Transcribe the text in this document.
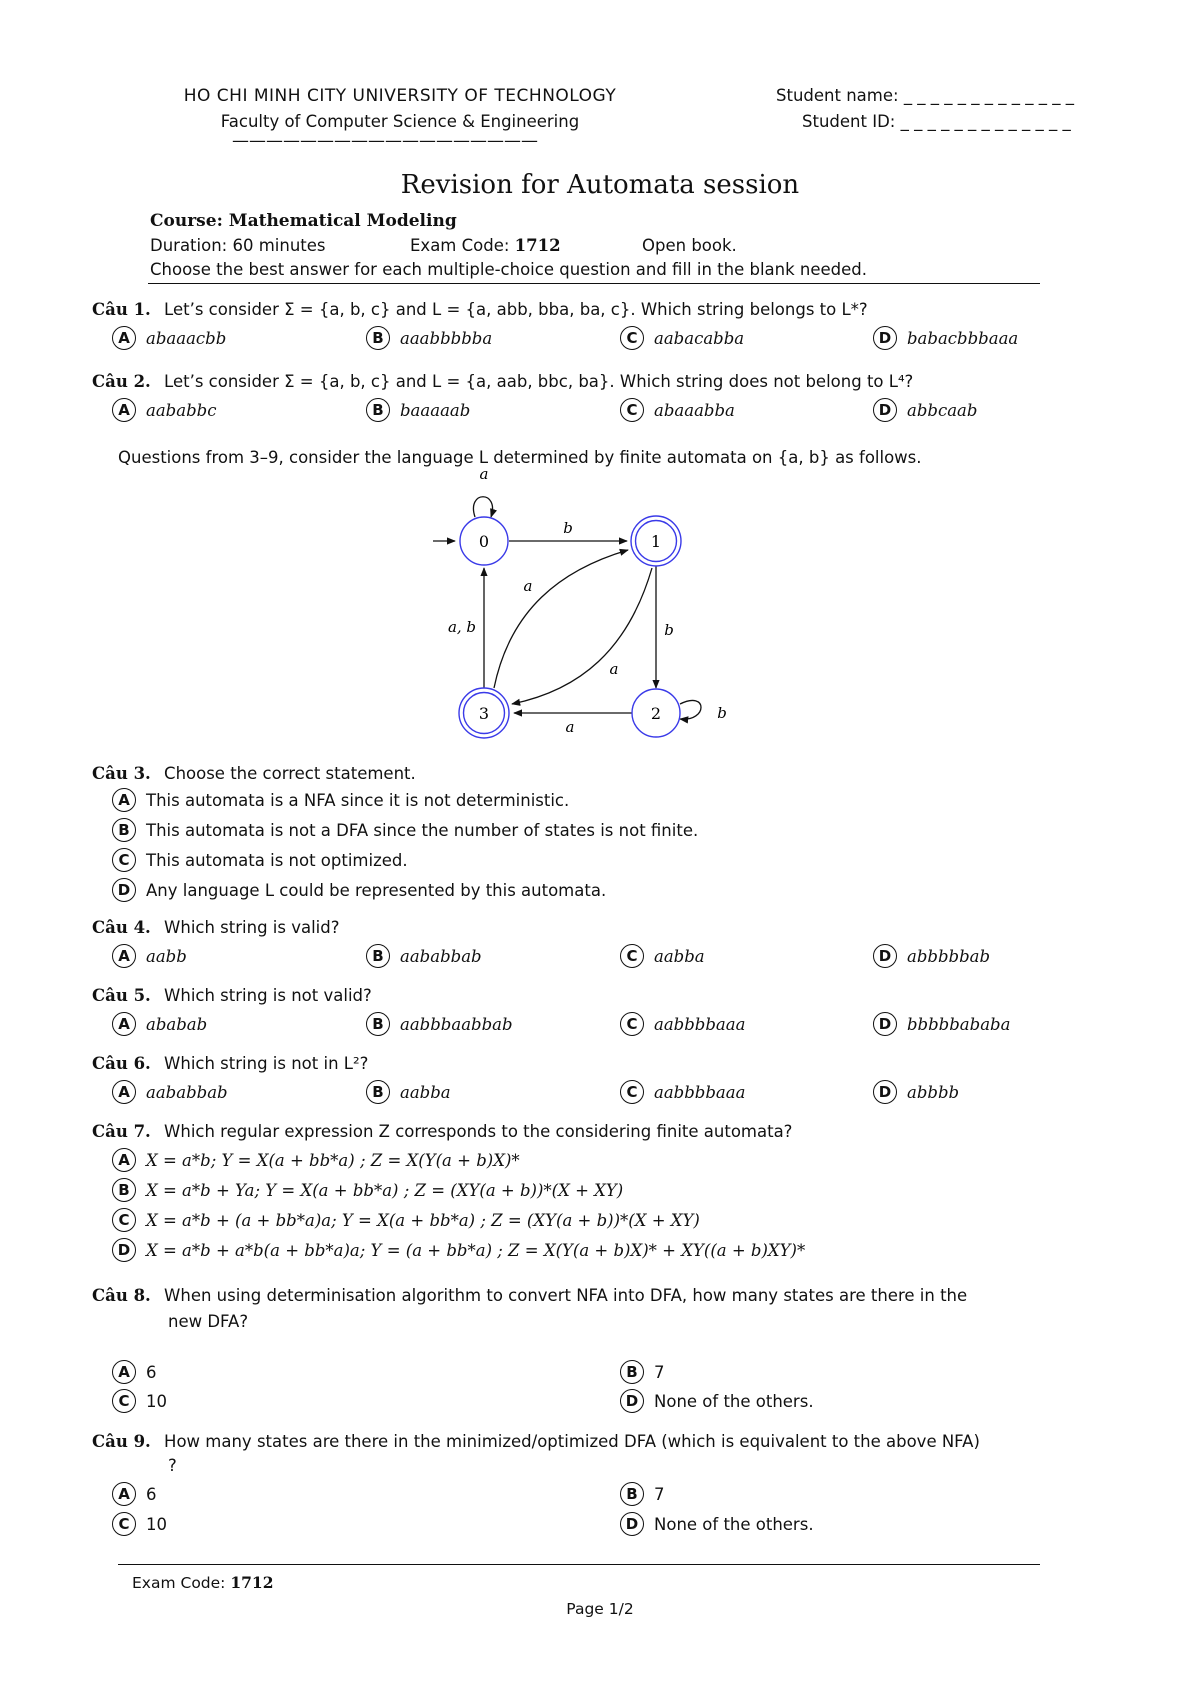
HO CHI MINH CITY UNIVERSITY OF TECHNOLOGY
Faculty of Computer Science & Engineering
——————————————————
Student name: _ _ _ _ _ _ _ _ _ _ _ _ _
Student ID: _ _ _ _ _ _ _ _ _ _ _ _ _
Revision for Automata session
Course: Mathematical Modeling
Duration: 60 minutes	Exam Code: 1712	Open book.
Choose the best answer for each multiple-choice question and fill in the blank needed.
Câu 1. Let’s consider Σ = {a, b, c} and L = {a, abb, bba, ba, c}. Which string belongs to L*?
A abaaacbb	B aaabbbbba	C	aabacabba	D babacbbbaaa
Câu 2. Let’s consider Σ = {a, b, c} and L = {a, aab, bbc, ba}. Which string does not belong to L⁴?
A aababbc	B baaaaab	C	abaaabba	D abbcaab
Questions from 3–9, consider the language L determined by finite automata on {a, b} as follows.
a
b
b
b
a
a
a
a, b
0	1
2
3
Câu 3. Choose the correct statement.
A This automata is a NFA since it is not deterministic.
B This automata is not a DFA since the number of states is not finite.
C	This automata is not optimized.
D Any language L could be represented by this automata.
Câu 4. Which string is valid?
A aabb	B aababbab	C	aabba	D abbbbbab
Câu 5. Which string is not valid?
A ababab	B aabbbaabbab	C	aabbbbaaa	D bbbbbababa
Câu 6. Which string is not in L²?
A aababbab	B aabba	C	aabbbbaaa	D abbbb
Câu 7. Which regular expression Z corresponds to the considering finite automata?
A X = a*b; Y = X(a + bb*a) ; Z = X(Y(a + b)X)*
B X = a*b + Ya; Y = X(a + bb*a) ; Z = (XY(a + b))*(X + XY)
C	X = a*b + (a + bb*a)a; Y = X(a + bb*a) ; Z = (XY(a + b))*(X + XY)
D X = a*b + a*b(a + bb*a)a; Y = (a + bb*a) ; Z = X(Y(a + b)X)* + XY((a + b)XY)*
Câu 8. When using determinisation algorithm to convert NFA into DFA, how many states are there in the
new DFA?
A 6	B 7
C	10	D None of the others.
Câu 9. How many states are there in the minimized/optimized DFA (which is equivalent to the above NFA)
?
A 6	B 7
C	10	D None of the others.
Exam Code: 1712
Page 1/2
